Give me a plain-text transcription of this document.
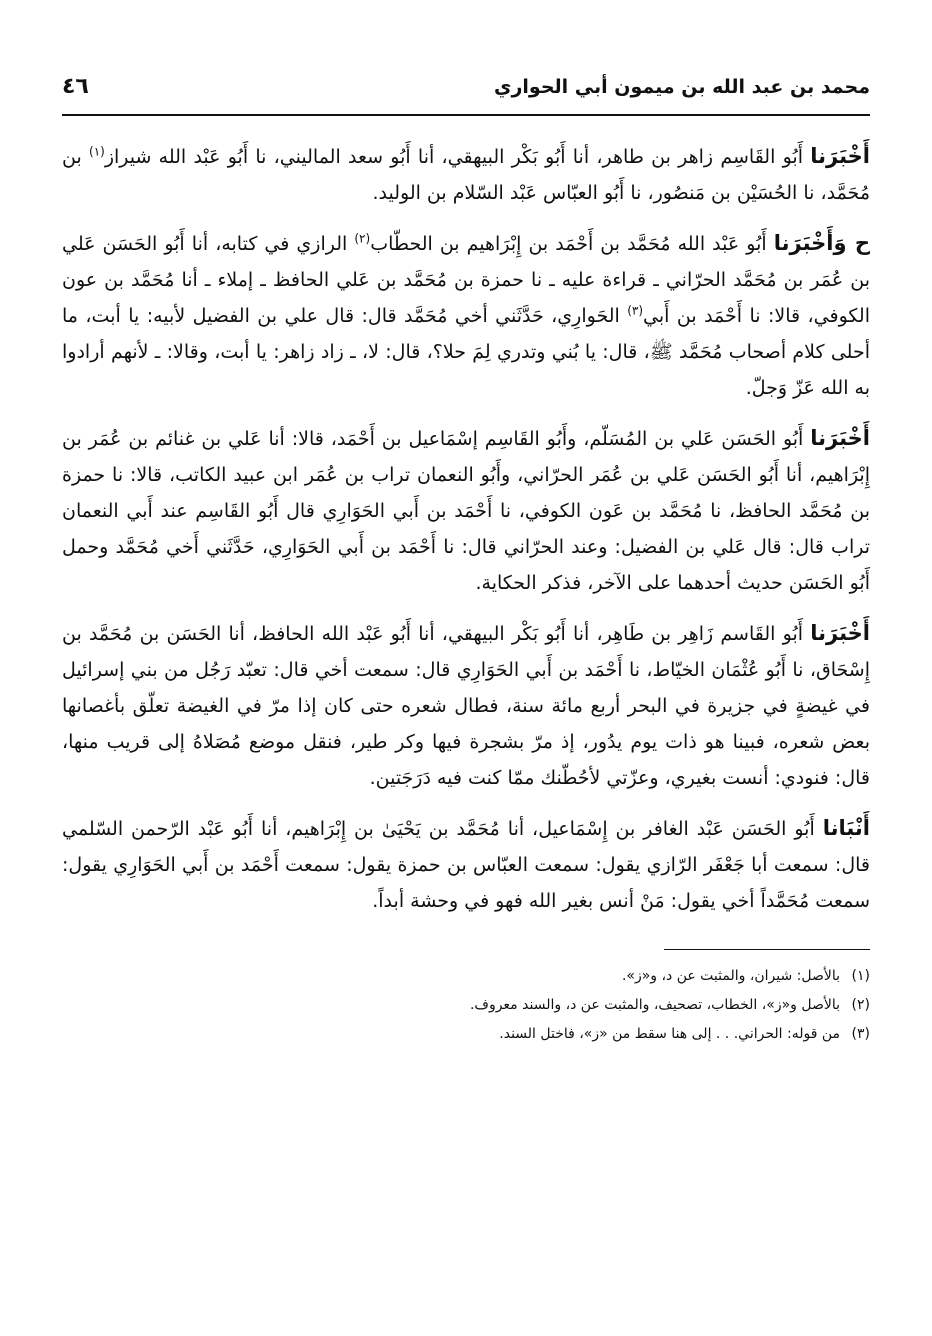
محمد بن عبد الله بن ميمون أبي الحواري
٤٦

أَخْبَرَنا أَبُو القَاسِم زاهر بن طاهر، أنا أَبُو بَكْر البيهقي، أنا أَبُو سعد الماليني، نا أَبُو عَبْد الله شيراز$^{(١)}$ بن مُحَمَّد، نا الحُسَيْن بن مَنصُور، نا أَبُو العبّاس عَبْد السّلام بن الوليد.

ح وَأَخْبَرَنا أَبُو عَبْد الله مُحَمَّد بن أَحْمَد بن إِبْرَاهيم بن الحطّاب$^{(٢)}$ الرازي في كتابه، أنا أَبُو الحَسَن عَلي بن عُمَر بن مُحَمَّد الحرّاني ـ قراءة عليه ـ نا حمزة بن مُحَمَّد بن عَلي الحافظ ـ إملاء ـ أنا مُحَمَّد بن عون الكوفي، قالا: نا أَحْمَد بن أَبي$^{(٣)}$ الحَوارِي، حَدَّثَني أخي مُحَمَّد قال: قال علي بن الفضيل لأبيه: يا أبت، ما أحلى كلام أصحاب مُحَمَّد ﷺ، قال: يا بُني وتدري لِمَ حلا؟، قال: لا، ـ زاد زاهر: يا أبت، وقالا: ـ لأنهم أرادوا به الله عَزّ وَجلّ.

أَخْبَرَنا أَبُو الحَسَن عَلي بن المُسَلّم، وأَبُو القَاسِم إسْمَاعيل بن أَحْمَد، قالا: أنا عَلي بن غنائم بن عُمَر بن إِبْرَاهيم، أنا أَبُو الحَسَن عَلي بن عُمَر الحرّاني، وأَبُو النعمان تراب بن عُمَر ابن عبيد الكاتب، قالا: نا حمزة بن مُحَمَّد الحافظ، نا مُحَمَّد بن عَون الكوفي، نا أَحْمَد بن أَبي الحَوَارِي قال أَبُو القَاسِم عند أَبي النعمان تراب قال: قال عَلي بن الفضيل: وعند الحرّاني قال: نا أَحْمَد بن أَبي الحَوَارِي، حَدَّثَني أَخي مُحَمَّد وحمل أَبُو الحَسَن حديث أحدهما على الآخر، فذكر الحكاية.

أَخْبَرَنا أَبُو القَاسم زَاهِر بن طَاهِر، أنا أَبُو بَكْر البيهقي، أنا أَبُو عَبْد الله الحافظ، أنا الحَسَن بن مُحَمَّد بن إِسْحَاق، نا أَبُو عُثْمَان الخيّاط، نا أَحْمَد بن أَبي الحَوَارِي قال: سمعت أخي قال: تعبّد رَجُل من بني إسرائيل في غيضةٍ في جزيرة في البحر أربع مائة سنة، فطال شعره حتى كان إذا مرّ في الغيضة تعلّق بأغصانها بعض شعره، فبينا هو ذات يوم يدُور، إذ مرّ بشجرة فيها وكر طير، فنقل موضع مُصَلاهُ إلى قريب منها، قال: فنودي: أنست بغيري، وعزّتي لأحُطّنك ممّا كنت فيه دَرَجَتين.

أَنْبَانا أَبُو الحَسَن عَبْد الغافر بن إِسْمَاعيل، أنا مُحَمَّد بن يَحْيَىٰ بن إِبْرَاهيم، أنا أَبُو عَبْد الرّحمن السّلمي قال: سمعت أبا جَعْفَر الرّازي يقول: سمعت العبّاس بن حمزة يقول: سمعت أَحْمَد بن أَبي الحَوَارِي يقول: سمعت مُحَمَّداً أخي يقول: مَنْ أنس بغير الله فهو في وحشة أبداً.

(١)بالأصل: شيران، والمثبت عن د، و«ز».
(٢)بالأصل و«ز»، الخطاب، تصحيف، والمثبت عن د، والسند معروف.
(٣)من قوله: الحراني. . . إلى هنا سقط من «ز»، فاختل السند.
